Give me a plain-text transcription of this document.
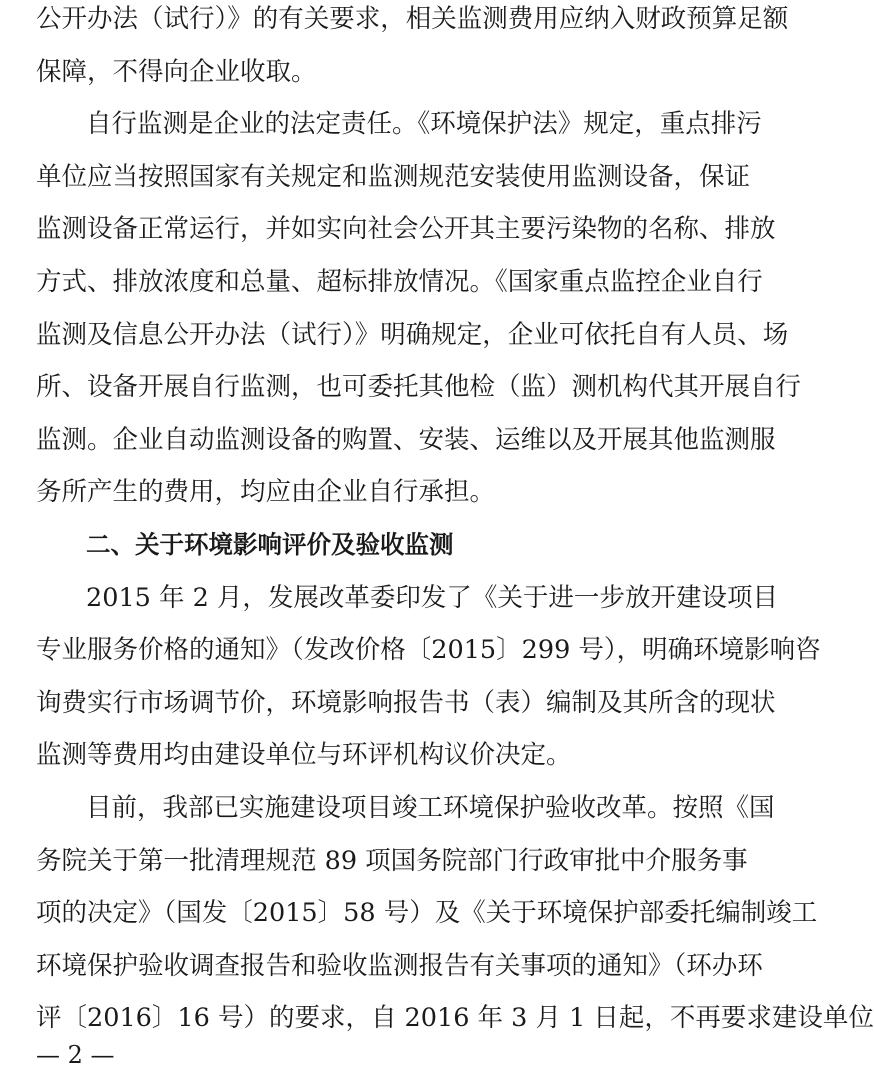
公开办法（试行）》的有关要求，相关监测费用应纳入财政预算足额
保障，不得向企业收取。
自行监测是企业的法定责任。《环境保护法》规定，重点排污
单位应当按照国家有关规定和监测规范安装使用监测设备，保证
监测设备正常运行，并如实向社会公开其主要污染物的名称、排放
方式、排放浓度和总量、超标排放情况。《国家重点监控企业自行
监测及信息公开办法（试行）》明确规定，企业可依托自有人员、场
所、设备开展自行监测，也可委托其他检（监）测机构代其开展自行
监测。企业自动监测设备的购置、安装、运维以及开展其他监测服
务所产生的费用，均应由企业自行承担。
二、关于环境影响评价及验收监测
2015 年 2 月，发展改革委印发了《关于进一步放开建设项目
专业服务价格的通知》（发改价格〔2015〕299 号），明确环境影响咨
询费实行市场调节价，环境影响报告书（表）编制及其所含的现状
监测等费用均由建设单位与环评机构议价决定。
目前，我部已实施建设项目竣工环境保护验收改革。按照《国
务院关于第一批清理规范 89 项国务院部门行政审批中介服务事
项的决定》（国发〔2015〕58 号）及《关于环境保护部委托编制竣工
环境保护验收调查报告和验收监测报告有关事项的通知》（环办环
评〔2016〕16 号）的要求，自 2016 年 3 月 1 日起，不再要求建设单位
— 2 —
